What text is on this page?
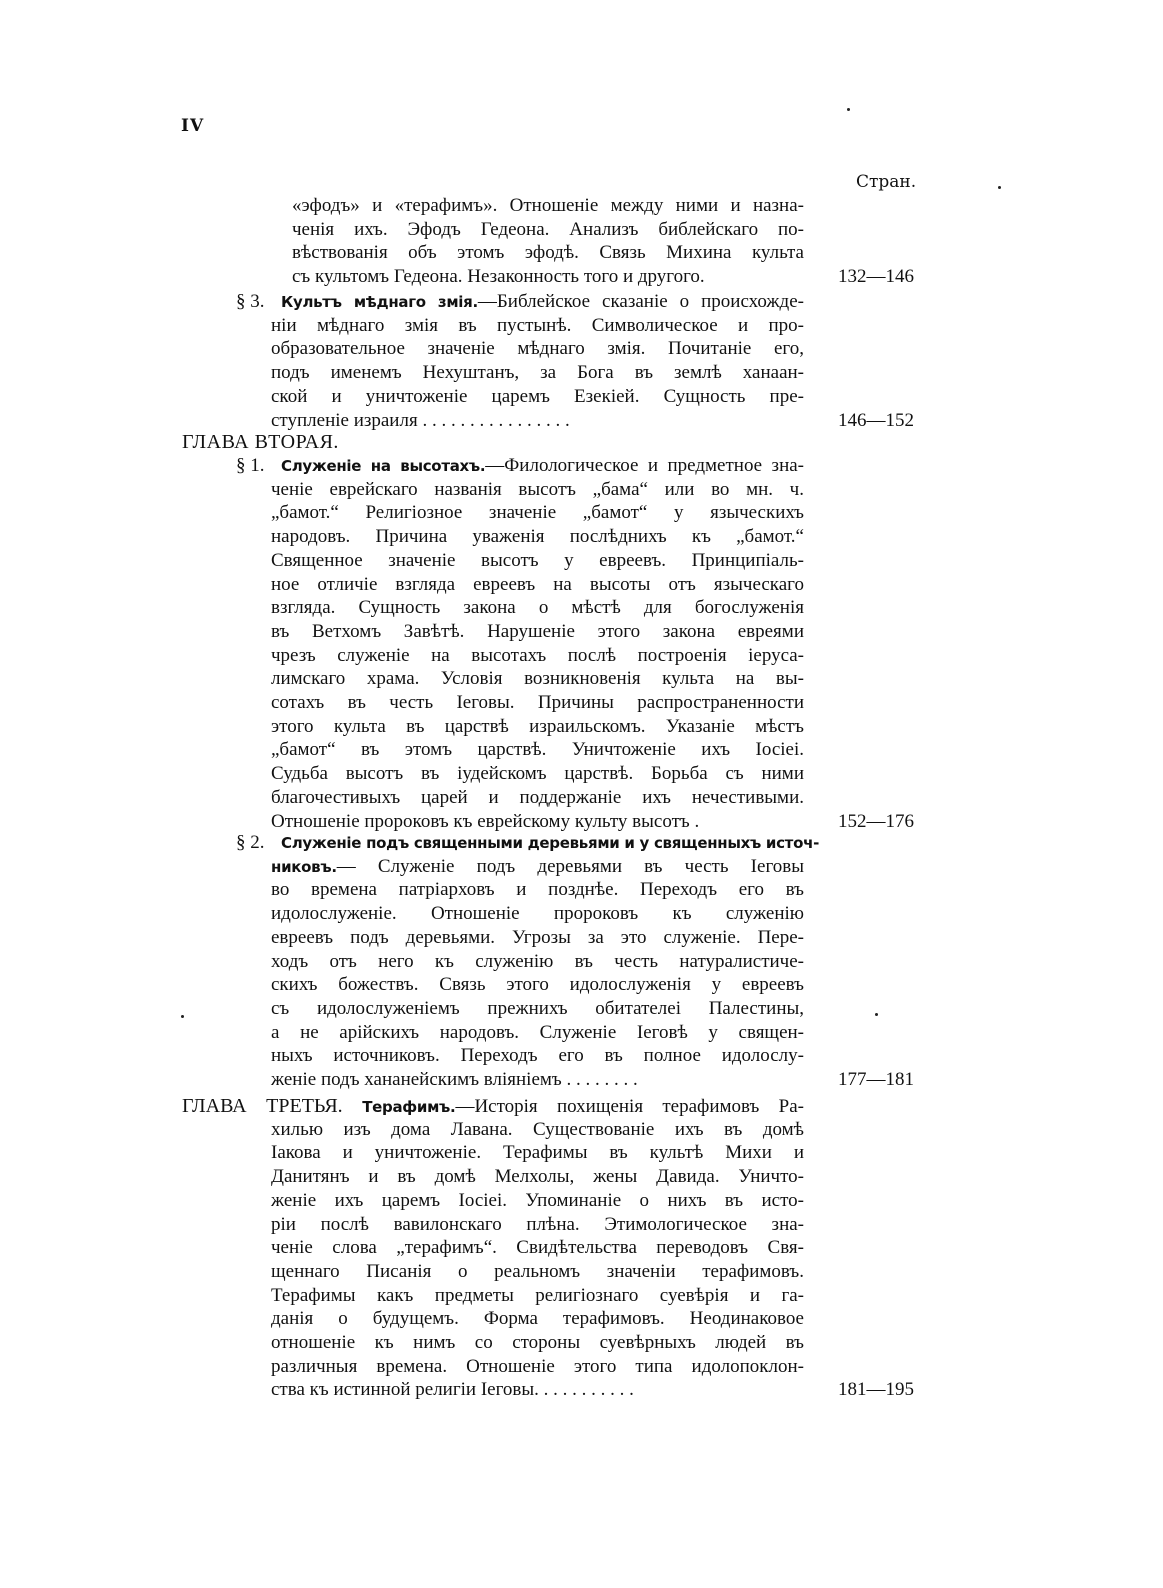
IV
Стран.
«эфодъ» и «терафимъ». Отношеніе между ними и назна-
ченія ихъ. Эфодъ Гедеона. Анализъ библейскаго по-
вѣствованія объ этомъ эфодѣ. Связь Михина культа
съ культомъ Гедеона. Незаконность того и другого.	132—146
§ 3. Культъ мѣднаго змія.—Библейское сказаніе о происхожде-
ніи мѣднаго змія въ пустынѣ. Символическое и про-
образовательное значеніе мѣднаго змія. Почитаніе его,
подъ именемъ Нехуштанъ, за Бога въ землѣ ханаан-
ской и уничтоженіе царемъ Езекіей. Сущность пре-
ступленіе израиля . . . . . . . . . . . . . . . .	146—152
ГЛАВА ВТОРАЯ.
§ 1. Служеніе на высотахъ.—Филологическое и предметное зна-
ченіе еврейскаго названія высотъ „бама“ или во мн. ч.
„бамот.“ Религіозное значеніе „бамот“ у языческихъ
народовъ. Причина уваженія послѣднихъ къ „бамот.“
Священное значеніе высотъ у евреевъ. Принципіаль-
ное отличіе взгляда евреевъ на высоты отъ языческаго
взгляда. Сущность закона о мѣстѣ для богослуженія
въ Ветхомъ Завѣтѣ. Нарушеніе этого закона евреями
чрезъ служеніе на высотахъ послѣ построенія іеруса-
лимскаго храма. Условія возникновенія культа на вы-
сотахъ въ честь Іеговы. Причины распространенности
этого культа въ царствѣ израильскомъ. Указаніе мѣстъ
„бамот“ въ этомъ царствѣ. Уничтоженіе ихъ Іосіеі.
Судьба высотъ въ іудейскомъ царствѣ. Борьба съ ними
благочестивыхъ царей и поддержаніе ихъ нечестивыми.
Отношеніе пророковъ къ еврейскому культу высотъ .	152—176
§ 2. Служеніе подъ священными деревьями и у священныхъ источ-
никовъ.— Служеніе подъ деревьями въ честь Іеговы
во времена патріарховъ и позднѣе. Переходъ его въ
идолослуженіе. Отношеніе пророковъ къ служенію
евреевъ подъ деревьями. Угрозы за это служеніе. Пере-
ходъ отъ него къ служенію въ честь натуралистиче-
скихъ божествъ. Связь этого идолослуженія у евреевъ
съ идолослуженіемъ прежнихъ обитателеі Палестины,
а не арійскихъ народовъ. Служеніе Іеговѣ у священ-
ныхъ источниковъ. Переходъ его въ полное идолослу-
женіе подъ хананейскимъ вліяніемъ . . . . . . . .	177—181
ГЛАВА ТРЕТЬЯ. Терафимъ.—Исторія похищенія терафимовъ Ра-
хилью изъ дома Лавана. Существованіе ихъ въ домѣ
Іакова и уничтоженіе. Терафимы въ культѣ Михи и
Данитянъ и въ домѣ Мелхолы, жены Давида. Уничто-
женіе ихъ царемъ Іосіеі. Упоминаніе о нихъ въ исто-
ріи послѣ вавилонскаго плѣна. Этимологическое зна-
ченіе слова „терафимъ“. Свидѣтельства переводовъ Свя-
щеннаго Писанія о реальномъ значеніи терафимовъ.
Терафимы какъ предметы религіознаго суевѣрія и га-
данія о будущемъ. Форма терафимовъ. Неодинаковое
отношеніе къ нимъ со стороны суевѣрныхъ людей въ
различныя времена. Отношеніе этого типа идолопоклон-
ства къ истинной религіи Іеговы. . . . . . . . . . .	181—195
